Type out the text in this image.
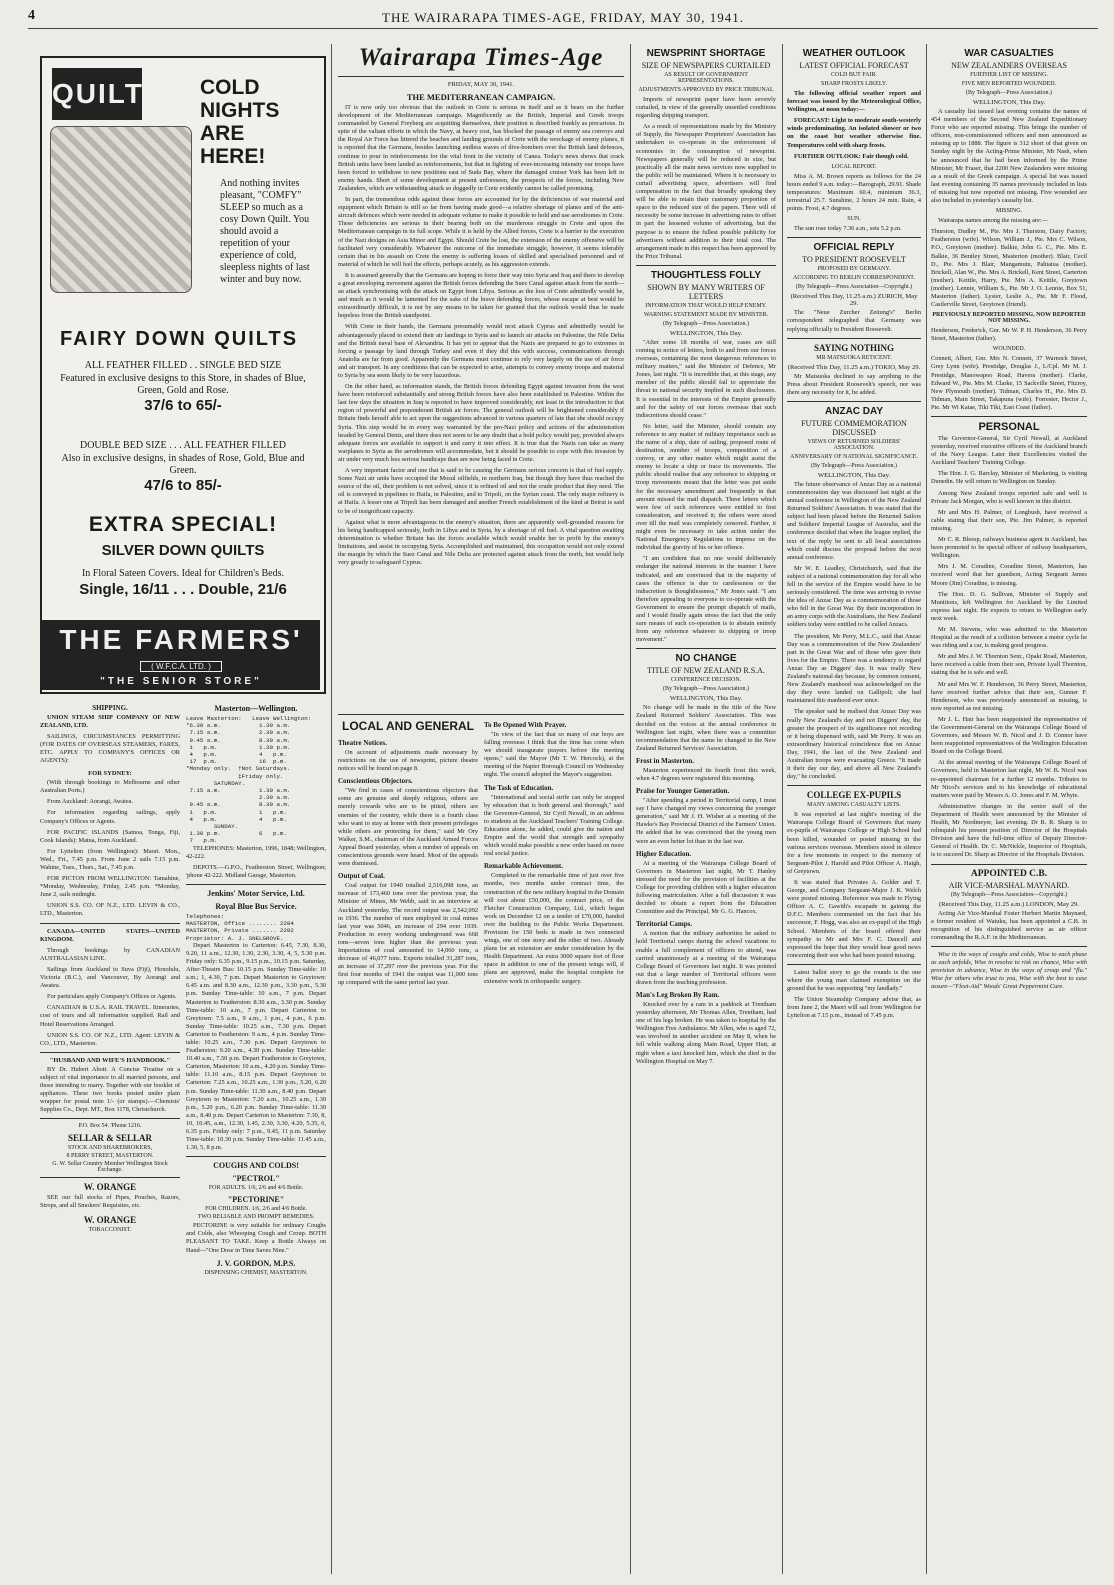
4	THE WAIRARAPA TIMES-AGE, FRIDAY, MAY 30, 1941.
QUILTS COLD NIGHTS ARE HERE!
And nothing invites pleasant, "COMFY" SLEEP so much as a cosy Down Quilt. You should avoid a repetition of your experience of cold, sleepless nights of last winter and buy now.
FAIRY DOWN QUILTS
ALL FEATHER FILLED . . SINGLE BED SIZE
Featured in exclusive designs to this Store, in shades of Blue, Green, Gold and Rose.
37/6 to 65/-
DOUBLE BED SIZE . . . ALL FEATHER FILLED
Also in exclusive designs, in shades of Rose, Gold, Blue and Green.
47/6 to 85/-
EXTRA SPECIAL!
SILVER DOWN QUILTS
In Floral Sateen Covers. Ideal for Children's Beds.
Single, 16/11 . . . Double, 21/6
THE FARMERS'
( W.F.C.A. LTD. )
"THE SENIOR STORE"
SHIPPING.

UNION STEAM SHIP COMPANY OF NEW ZEALAND, LTD.

SAILINGS, CIRCUMSTANCES PERMITTING (FOR DATES OF OVERSEAS STEAMERS, FARES, ETC. APPLY TO COMPANY'S OFFICES OR AGENTS):

FOR SYDNEY:

(With through bookings to Melbourne and other Australian Ports.)

From Auckland: Aorangi, Awatea.

For information regarding sailings, apply Company's Offices or Agents.

FOR PACIFIC ISLANDS (Samoa, Tonga, Fiji, Cook Islands): Matua, from Auckland.

For Lyttelton (from Wellington): Maori. Mon., Wed., Fri., 7.45 p.m. From June 2 sails 7.15 p.m. Wahine, Tues., Thurs., Sat., 7.45 p.m.

FOR PICTON FROM WELLINGTON: Tamahine, *Monday, Wednesday, Friday, 2.45 p.m. *Monday, June 2, sails midnight.

UNION S.S. CO. OF N.Z., LTD. LEVIN & CO., LTD., Masterton.

CANADA—UNITED STATES—UNITED KINGDOM.

Through bookings by CANADIAN AUSTRALASIAN LINE.

Sailings from Auckland to Suva (Fiji), Honolulu, Victoria (B.C.), and Vancouver, By Aorangi and Awatea.

For particulars apply Company's Offices or Agents.

CANADIAN & U.S.A. RAIL TRAVEL. Itineraries, cost of tours and all information supplied. Rail and Hotel Reservations Arranged.

UNION S.S. CO. OF N.Z., LTD. Agent: LEVIN & CO., LTD., Masterton.

"HUSBAND AND WIFE'S HANDBOOK."

BY Dr. Hubert Abott. A Concise Treatise on a subject of vital importance to all married persons, and those intending to marry. Together with our booklet of appliances. These two books posted under plain wrapper for postal note 1/- (or stamps).—Chemists' Supplies Co., Dept. MT., Box 1178, Christchurch.

P.O. Box 54. 'Phone 1216.
SELLAR & SELLAR
STOCK AND SHAREBROKERS,
8 PERRY STREET, MASTERTON.
G. W. Sellar Country Member Wellington Stock Exchange.
W. ORANGE

SEE our full stocks of Pipes, Pouches, Razors, Strops, and all Smokers' Requisites, etc.

W. ORANGE
TOBACCONIST.
Masterton—Wellington.
Leave Masterton:   Leave Wellington:
*6.30 a.m.           1.30 a.m.
7.15 a.m.           2.30 a.m.
9.45 a.m.           8.30 a.m.
1   p.m.            1.30 p.m.
4   p.m.            4   p.m.
17  p.m.            16  p.m.
*Monday only.  †Not Saturdays.
‡Friday only.
SATURDAY.
7.15 a.m.           1.30 a.m.
2.30 a.m.
9.45 a.m.           8.30 a.m.
1   p.m.            1   p.m.
4   p.m.            4   p.m.
SUNDAY.
1.30 p.m.           6   p.m.
7   p.m.

TELEPHONES: Masterton, 1996, 1848; Wellington, 42-222.

DEPOTS.—G.P.O., Featherston Street, Wellington; 'phone 42-222. Midland Garage, Masterton.

Jenkins' Motor Service, Ltd.
Royal Blue Bus Service.
Telephones:
MASTERTON, Office ........ 2284
MASTERTON, Private ....... 2282
Proprietor: A. J. SNELGROVE.

Depart Masterton to Carterton: 6.45, 7.30, 8.30, 9.20, 11 a.m., 12.30, 1.30, 2.30, 3.30, 4, 5, 5.30 p.m. Friday only: 6.35 p.m., 9.15 p.m., 10.15 p.m. Saturday, After-Theatre Bus: 10.15 p.m. Sunday Time-table: 10 a.m.; 1, 4.30, 7 p.m. Depart Masterton to Greytown: 6.45 a.m. and 8.30 a.m., 12.30 p.m., 3.30 p.m., 5.30 p.m. Sunday Time-table: 10 a.m., 7 p.m. Depart Masterton to Featherston: 8.30 a.m., 3.30 p.m. Sunday Time-table: 10 a.m., 7 p.m. Depart Carterton to Greytown: 7.5 a.m., 9 a.m., 1 p.m., 4 p.m., 6 p.m. Sunday Time-table: 10.25 a.m., 7.30 p.m. Depart Carterton to Featherston: 9 a.m., 4 p.m. Sunday Time-table: 10.25 a.m., 7.30 p.m. Depart Greytown to Featherston: 9.20 a.m., 4.30 p.m. Sunday Time-table: 10.40 a.m., 7.50 p.m. Depart Featherston to Greytown, Carterton, Masterton: 10 a.m., 4.20 p.m. Sunday Time-table: 11.10 a.m., 8.15 p.m. Depart Greytown to Carterton: 7.25 a.m., 10.25 a.m., 1.30 p.m., 5.20, 6.20 p.m. Sunday Time-table: 11.30 a.m., 8.40 p.m. Depart Greytown to Masterton: 7.20 a.m., 10.25 a.m., 1.30 p.m., 5.20 p.m., 6.20 p.m. Sunday Time-table: 11.30 a.m., 8.40 p.m. Depart Carterton to Masterton: 7.30, 8, 10, 10.45, a.m., 12.30, 1.45, 2.30, 3.30, 4.20, 5.35, 6, 6.35 p.m. Friday only: 7 p.m., 9.45, 11 p.m. Saturday Time-table: 10.30 p.m. Sunday Time-table: 11.45 a.m., 1.30, 5, 8 p.m.

COUGHS AND COLDS!
"PECTROL"
FOR ADULTS. 1/6, 2/6 and 4/6 Bottle.
"PECTORINE"
FOR CHILDREN. 1/6, 2/6 and 4/6 Bottle.
TWO RELIABLE AND PROMPT REMEDIES.

PECTORINE is very suitable for ordinary Coughs and Colds, also Whooping Cough and Croup. BOTH PLEASANT TO TAKE. Keep a Bottle Always on Hand—"One Dose in Time Saves Nine."

J. V. GORDON, M.P.S.
DISPENSING CHEMIST, MASTERTON.
Wairarapa Times-Age
FRIDAY, MAY 30, 1941.
THE MEDITERRANEAN CAMPAIGN.

IT is now only too obvious that the outlook in Crete is serious in itself and as it bears on the further development of the Mediterranean campaign. Magnificently as the British, Imperial and Greek troops commanded by General Freyberg are acquitting themselves, their position is described frankly as precarious. In spite of the valiant efforts in which the Navy, at heavy cost, has blocked the passage of enemy sea convoys and the Royal Air Force has littered the beaches and landing grounds of Crete with the wreckage of enemy planes, it is reported that the Germans, besides launching endless waves of dive-bombers over the British land defences, continue to pour in reinforcements for the vital front in the vicinity of Canea. Today's news shows that crack British units have been landed as reinforcements, but that in fighting of ever-increasing intensity our troops have been forced to withdraw to new positions east of Suda Bay, where the damaged cruiser York has been left in enemy hands. Short of some development at present unforeseen, the prospects of the forces, including New Zealanders, which are withstanding attack so doggedly in Crete evidently cannot be called promising.

In part, the tremendous odds against these forces are accounted for by the deficiencies of war material and equipment which Britain is still so far from having made good—a relative shortage of planes and of the anti-aircraft defences which were needed in adequate volume to make it possible to hold and use aerodromes in Crete. These deficiencies are serious in their bearing both on the murderous struggle in Crete and upon the Mediterranean campaign in its full scope. While it is held by the Allied forces, Crete is a barrier to the execution of the Nazi designs on Asia Minor and Egypt. Should Crete be lost, the extension of the enemy offensive will be facilitated very considerably. Whatever the outcome of the immediate struggle, however, it seems tolerably certain that in his assault on Crete the enemy is suffering losses of skilled and specialised personnel and of material of which he will feel the effects, perhaps acutely, as his aggression extends.

It is assumed generally that the Germans are hoping to force their way into Syria and Iraq and there to develop a great enveloping movement against the British forces defending the Suez Canal against attack from the north—an attack synchronising with the attack on Egypt from Libya. Serious as the loss of Crete admittedly would be, and much as it would be lamented for the sake of the brave defending forces, whose escape at best would be extraordinarily difficult, it is not by any means to be taken for granted that the outlook would thus be made hopeless from the British standpoint.

With Crete in their hands, the Germans presumably would next attack Cyprus and admittedly would be advantageously placed to extend their air landings to Syria and to launch air attacks on Palestine, the Nile Delta and the British naval base of Alexandria. It has yet to appear that the Nazis are prepared to go to extremes in forcing a passage by land through Turkey and even if they did this with success, communications through Anatolia are far from good. Apparently the Germans must continue to rely very largely on the use of air force and air transport. In any conditions that can be expected to arise, attempts to convey enemy troops and material to Syria by sea seem likely to be very hazardous.

On the other hand, as information stands, the British forces defending Egypt against invasion from the west have been reinforced substantially and strong British forces have also been established in Palestine. Within the last few days the situation in Iraq is reported to have improved considerably, not least in the introduction to that region of powerful and preponderant British air forces. The general outlook will be brightened considerably if Britain finds herself able to act upon the suggestions advanced in various quarters of late that she should occupy Syria. This step would be in every way warranted by the pro-Nazi policy and actions of the administration headed by General Dentz, and there does not seem to be any doubt that a bold policy would pay, provided always adequate forces are available to support it and carry it into effect. It is true that the Nazis can take as many warplanes to Syria as the aerodromes will accommodate, but it should be possible to cope with this invasion by air under very much less serious handicaps than are now being faced in Crete.

A very important factor and one that is said to be causing the Germans serious concern is that of fuel supply. Some Nazi air units have occupied the Mosul oilfields, in northern Iraq, but though they have thus reached the source of the oil, their problem is not solved, since it is refined oil and not the crude product that they need. The oil is conveyed in pipelines to Haifa, in Palestine, and to Tripoli, on the Syrian coast. The only major refinery is at Haifa. A lesser one at Tripoli has been damaged and another French establishment of the kind at Beirut is said to be of insignificant capacity.

Against what is more advantageous in the enemy's situation, there are apparently well-grounded reasons for his being handicapped seriously, both in Libya and in Syria, by a shortage of oil fuel. A vital question awaiting determination is whether Britain has the forces available which would enable her to profit by the enemy's limitations, and assist in occupying Syria. Accomplished and maintained, this occupation would not only extend the margin by which the Suez Canal and Nile Delta are protected against attack from the north, but would help very greatly to safeguard Cyprus.

LOCAL AND GENERAL
Theatre Notices.

On account of adjustments made necessary by restrictions on the use of newsprint, picture theatre notices will be found on page 8.

Conscientious Objectors.

"We find in cases of conscientious objectors that some are genuine and deeply religious, others are merely cowards who are to be pitied, others are enemies of the country, while there is a fourth class who want to stay at home with their present privileges while others are protecting for them," said Mr Ory Walker, S.M., chairman of the Auckland Armed Forces Appeal Board yesterday, when a number of appeals on conscientious grounds were heard. Most of the appeals were dismissed.

Output of Coal.

Coal output for 1940 totalled 2,516,098 tons, an increase of 173,460 tons over the previous year, the Minister of Mines, Mr Webb, said in an interview at Auckland yesterday. The record output was 2,542,092 in 1936. The number of men employed in coal mines last year was 5046, an increase of 294 over 1939. Production in every working underground was 668 tons—seven tons higher than the previous year. Importations of coal amounted to 14,060 tons, a decrease of 46,077 tons. Exports totalled 31,287 tons, an increase of 37,297 over the previous year. For the first four months of 1941 the output was 11,000 tons up compared with the same period last year.

To Be Opened With Prayer.

"In view of the fact that so many of our boys are falling overseas I think that the time has come when we should inaugurate prayers before the meeting opens," said the Mayor (Mr T. W. Hercock), at the meeting of the Napier Borough Council on Wednesday night. The council adopted the Mayor's suggestion.

The Task of Education.

"International and social strife can only be stopped by education that is both general and thorough," said the Governor-General, Sir Cyril Newall, in an address to students at the Auckland Teachers' Training College. Education alone, he added, could give the nation and Empire and the world that strength and sympathy which would make possible a new order based on more real social justice.

Remarkable Achievement.

Completed in the remarkable time of just over five months, two months under contract time, the construction of the new military hospital in the Domain will cost about £50,000, the contract price, of the Fletcher Construction Company, Ltd., which began work on December 12 on a tender of £70,000, handed over the building to the Public Works Department. Provision for 150 beds is made in two connected wings, one of one story and the other of two. Already plans for an extension are under consideration by the Health Department. An extra 3000 square feet of floor space in addition to one of the present wings will, if plans are approved, make the hospital complete for extensive work in orthopaedic surgery.

NEWSPRINT SHORTAGE
SIZE OF NEWSPAPERS CURTAILED
AS RESULT OF GOVERNMENT REPRESENTATIONS.
ADJUSTMENTS APPROVED BY PRICE TRIBUNAL

Imports of newsprint paper have been severely curtailed, in view of the generally unsettled conditions regarding shipping transport.

As a result of representations made by the Ministry of Supply, the Newspaper Proprietors' Association has undertaken to co-operate in the enforcement of economies in the consumption of newsprint. Newspapers generally will be reduced in size, but practically all the main news services now supplied to the public will be maintained. Where it is necessary to curtail advertising space, advertisers will find compensation in the fact that broadly speaking they will be able to retain their customary proportion of space to the reduced size of the papers. There will of necessity be some increase in advertising rates to offset in part the lessened volume of advertising, but the purpose is to ensure the fullest possible publicity for advertisers without addition to their total cost. The arrangement made in this respect has been approved by the Price Tribunal.

THOUGHTLESS FOLLY
SHOWN BY MANY WRITERS OF LETTERS
INFORMATION THAT WOULD HELP ENEMY.
WARNING STATEMENT MADE BY MINISTER.
(By Telegraph—Press Association.)
WELLINGTON, This Day.

"After some 18 months of war, cases are still coming to notice of letters, both to and from our forces overseas, containing the most dangerous references to military matters," said the Minister of Defence, Mr Jones, last night. "It is incredible that, at this stage, any member of the public should fail to appreciate the threat to national security implied in such disclosures. It is essential in the interests of the Empire generally and for the safety of our forces overseas that such indiscretions should cease."

No letter, said the Minister, should contain any reference to any matter of military importance such as the name of a ship, date of sailing, proposed route of destination, number of troops, composition of a convoy, or any other matter which might assist the enemy to locate a ship or trace its movements. The public should realise that any reference to shipping or troop movements meant that the letter was put aside for the necessary amendment and frequently in that amount missed the mail dispatch. These letters which were few of such references were entitled to first consideration, and received it; the others were stood over till the mail was completely censored. Further, it might even be necessary to take action under the National Emergency Regulations to impress on the individual the gravity of his or her offence.

"I am confident that no one would deliberately endanger the national interests in the manner I have indicated, and am convinced that in the majority of cases the offence is due to carelessness or the indiscretion is thoughtlessness," Mr Jones said. "I am therefore appealing to everyone to co-operate with the Government to ensure the prompt dispatch of mails, and I would finally again stress the fact that the only sure means of such co-operation is to abstain entirely from any reference whatever to shipping or troop movement."

NO CHANGE
TITLE OF NEW ZEALAND R.S.A.
CONFERENCE DECISION.
(By Telegraph—Press Association.)
WELLINGTON, This Day.

No change will be made in the title of the New Zealand Returned Soldiers' Association. This was decided on the voices at the annual conference in Wellington last night, when there was a committee recommendation that the name be changed to the New Zealand Returned Services' Association.

Frost in Masterton.

Masterton experienced its fourth frost this week, when 4.7 degrees were registered this morning.

Praise for Younger Generation.

"After spending a period in Territorial camp, I must say I have changed my views concerning the younger generation," said Mr J. H. Wisher at a meeting of the Hawke's Bay Provincial District of the Farmers' Union. He added that he was convinced that the young men were an even better lot than in the last war.

Higher Education.

At a meeting of the Wairarapa College Board of Governors in Masterton last night, Mr T. Hanley stressed the need for the provision of facilities at the College for providing children with a higher education following matriculation. After a full discussion it was decided to obtain a report from the Education Committee and the Principal, Mr G. G. Hancox.

Territorial Camps.

A motion that the military authorities be asked to hold Territorial camps during the school vacations to enable a full complement of officers to attend, was carried unanimously at a meeting of the Wairarapa College Board of Governors last night. It was pointed out that a large number of Territorial officers were drawn from the teaching profession.

Man's Leg Broken By Ram.

Knocked over by a ram in a paddock at Trentham yesterday afternoon, Mr Thomas Allen, Trentham, had one of his legs broken. He was taken to hospital by the Wellington Free Ambulance. Mr Allen, who is aged 72, was involved in another accident on May 8, when he fell while walking along Main Road, Upper Hutt, at night when a taxi knocked him, which she died in the Wellington Hospital on May 7.

WEATHER OUTLOOK
LATEST OFFICIAL FORECAST
COLD BUT FAIR.
SHARP FROSTS LIKELY.

The following official weather report and forecast was issued by the Meteorological Office, Wellington, at noon today:—

FORECAST: Light to moderate south-westerly winds predominating. An isolated shower or two on the coast but weather otherwise fine. Temperatures cold with sharp frosts.

FURTHER OUTLOOK: Fair though cold.

LOCAL REPORT.

Miss A. M. Brown reports as follows for the 24 hours ended 9 a.m. today:—Barograph, 29.91. Shade temperatures: Maximum 60.4, minimum 36.3, terrestrial 25.7. Sunshine, 2 hours 24 min. Rain, 4 points. Frost, 4.7 degrees.

SUN.

The sun rose today 7.36 a.m., sets 5.2 p.m.

OFFICIAL REPLY
TO PRESIDENT ROOSEVELT
PROPOSED BY GERMANY.
ACCORDING TO BERLIN CORRESPONDENT.
(By Telegraph—Press Association—Copyright.)
(Received This Day, 11.25 a.m.) ZURICH, May 29.

The "Neue Zurcher Zeitung's" Berlin correspondent telegraphed that Germany was replying officially to President Roosevelt.

SAYING NOTHING
MR MATSUOKA RETICENT.
(Received This Day, 11.25 a.m.) TOKIO, May 29.

Mr Matsuoka declined to say anything to the Press about President Roosevelt's speech, nor was there any necessity for it, he added.

ANZAC DAY
FUTURE COMMEMORATION DISCUSSED
VIEWS OF RETURNED SOLDIERS' ASSOCIATION.
ANNIVERSARY OF NATIONAL SIGNIFICANCE.
(By Telegraph—Press Association.)
WELLINGTON, This Day.

The future observance of Anzac Day as a national commemoration day was discussed last night at the annual conference in Wellington of the New Zealand Returned Soldiers' Association. It was stated that the subject had been placed before the Returned Sailors and Soldiers' Imperial League of Australia, and the conference decided that when the league replied, the text of the reply be sent to all local associations which could discuss the proposal before the next annual conference.

Mr W. E. Leadley, Christchurch, said that the subject of a national commemoration day for all who fell in the service of the Empire would have to be seriously considered. The time was arriving to revise the idea of Anzac Day as a commemoration of those who fell in the Great War. By their incorporation in an army corps with the Australians, the New Zealand soldiers today were entitled to be called Anzacs.

The president, Mr Perry, M.L.C., said that Anzac Day was a commemoration of the New Zealanders' part in the Great War and of those who gave their lives for the Empire. There was a tendency to regard Anzac Day as Diggers' day. It was really New Zealand's national day because, by common consent, New Zealand's manhood was acknowledged on the day they were landed on Gallipoli; she had maintained this manhood ever since.

The speaker said he realised that Anzac Day was really New Zealand's day and not Diggers' day, the greater the prospect of its significance not receding or it being dispensed with, said Mr Perry. It was an extraordinary historical coincidence that on Anzac Day, 1941, the last of the New Zealand and Australian troops were evacuating Greece. "It made it their day our day, and above all New Zealand's day," he concluded.

COLLEGE EX-PUPILS
MANY AMONG CASUALTY LISTS.

It was reported at last night's meeting of the Wairarapa College Board of Governors that many ex-pupils of Wairarapa College or High School had been killed, wounded or posted missing in the various services overseas. Members stood in silence for a few moments in respect to the memory of Sergeant-Pilot J. Harold and Pilot Officer A. Haigh, of Greytown.

It was stated that Privates A. Golder and T. George, and Company Sergeant-Major J. K. Welch were posted missing. Reference was made to Flying Officer A. C. Gawith's escapade in gaining the D.F.C. Members commented on the fact that his successor, F. Hogg, was also an ex-pupil of the High School. Members of the board offered their sympathy to Mr and Mrs F. C. Dancell and expressed the hope that they would hear good news concerning their son who had been posted missing.

Latest ballot story to go the rounds is the one where the young man claimed exemption on the ground that he was supporting "my landlady."

The Union Steamship Company advise that, as from June 2, the Maori will sail from Wellington for Lyttelton at 7.15 p.m., instead of 7.45 p.m.

WAR CASUALTIES
NEW ZEALANDERS OVERSEAS
FURTHER LIST OF MISSING.
FIVE MEN REPORTED WOUNDED.
(By Telegraph—Press Association.)
WELLINGTON, This Day.

A casualty list issued last evening contains the names of 454 members of the Second New Zealand Expeditionary Force who are reported missing. This brings the number of officers, non-commissioned officers and men announced as missing up to 1888. The figure is 312 short of that given on Sunday night by the Acting-Prime Minister, Mr Nash, when he announced that he had been informed by the Prime Minister, Mr Fraser, that 2200 New Zealanders were missing as a result of the Greek campaign. A special list was issued last evening containing 35 names previously included in lists of missing but now reported not missing. Five wounded are also included in yesterday's casualty list.

MISSING.

Wairarapa names among the missing are:—

Thurston, Dudley M., Pte. Mrs J. Thurston, Dairy Factory, Featherston (wife). Wilson, William J., Pte. Mrs C. Wilson, P.O., Greytown (mother). Balkie, John G. C., Pte. Mrs E. Balkie, 36 Bentley Street, Masterton (mother). Blair, Cecil D., Pte. Mrs J. Blair, Mangamutu, Pahiatua (mother). Brickell, Alan W., Pte. Mrs A. Brickell, Kent Street, Carterton (mother). Keittle, Harry, Pte. Mrs A. Keittle, Greytown (mother). Lennie, William S., Pte. Mr J. O. Lennie, Box 51, Masterton (father). Lyster, Leslie A., Pte. Mr F. Flood, Castlerville Street, Greytown (friend).

PREVIOUSLY REPORTED MISSING, NOW REPORTED NOT MISSING.

Henderson, Frederick, Gnr. Mr W. P. H. Henderson, 36 Perry Street, Masterton (father).

WOUNDED.

Connett, Albert, Gnr. Mrs N. Connett, 37 Warnock Street, Grey Lynn (wife). Prestidge, Douglas J., L/Cpl. Mr M. J. Prestidge, Manowapoo Road, Havera (mother). Clarke, Edward W., Pte. Mrs M. Clarke, 15 Sackville Street, Fitzroy, New Plymouth (mother). Tidman, Charles H., Pte. Mrs D. Tidman, Main Street, Takapuna (wife). Forrester, Hector J., Pte. Mr Wi Katae, Tiki Tiki, East Coast (father).

PERSONAL

The Governor-General, Sir Cyril Newall, at Auckland yesterday, received executive officers of the Auckland branch of the Navy League. Later their Excellencies visited the Auckland Teachers' Training College.

The Hon. J. G. Barclay, Minister of Marketing, is visiting Dunedin. He will return to Wellington on Sunday.

Among New Zealand troops reported safe and well is Private Jack Morgan, who is well known in this district.

Mr and Mrs H. Palmer, of Longbush, have received a cable stating that their son, Pte. Jim Palmer, is reported missing.

Mr C. R. Bleesp, railways business agent in Auckland, has been promoted to be special officer of railway headquarters, Wellington.

Mrs J. M. Coradine, Coradine Street, Masterton, has received word that her grandson, Acting Sergeant James Moore (Jim) Coradine, is missing.

The Hon. D. G. Sullivan, Minister of Supply and Munitions, left Wellington for Auckland by the Limited express last night. He expects to return to Wellington early next week.

Mr M. Stevens, who was admitted to the Masterton Hospital as the result of a collision between a motor cycle he was riding and a car, is making good progress.

Mr and Mrs J. W. Thornton Senr., Opaki Road, Masterton, have received a cable from their son, Private Lyall Thornton, stating that he is safe and well.

Mr and Mrs W. F. Henderson, 36 Perry Street, Masterton, have received further advice that their son, Gunner F. Henderson, who was previously announced as missing, is now reported as not missing.

Mr J. L. Hair has been reappointed the representative of the Government-General on the Wairarapa College Board of Governors, and Messrs W. B. Nicol and J. D. Connor have been reappointed representatives of the Wellington Education Board on the College Board.

At the annual meeting of the Wairarapa College Board of Governors, held in Masterton last night, Mr W. B. Nicol was re-appointed chairman for a further 12 months. Tributes to Mr Nicol's services and to his knowledge of educational matters were paid by Messrs A. O. Jones and F. M. Whyte.

Administrative changes in the senior staff of the Department of Health were announced by the Minister of Health, Mr Nordmeyer, last evening. Dr R. R. Sharp is to relinquish his present position of Director of the Hospitals Division and have the full-time office of Deputy Director-General of Health. Dr. C. McNickle, Inspector of Hospitals, is to succeed Dr. Sharp as Director of the Hospitals Division.

APPOINTED C.B.
AIR VICE-MARSHAL MAYNARD.
(By Telegraph—Press Association—Copyright.)
(Received This Day, 11.25 a.m.) LONDON, May 29.

Acting Air Vice-Marshal Foster Herbert Martin Maynard, a former resident of Waiuku, has been appointed a C.B. in recognition of his distinguished service as air officer commanding the R.A.F. in the Mediterranean.

Wise in the ways of coughs and colds, Wise to each phase as each unfolds, Wise in resolve to risk no chance, Wise with provision in advance, Wise in the ways of croup and "flu." Wise for others who trust to you, Wise with the best to ease assure—"Fleet-Aid" Woods' Great Peppermint Cure.
